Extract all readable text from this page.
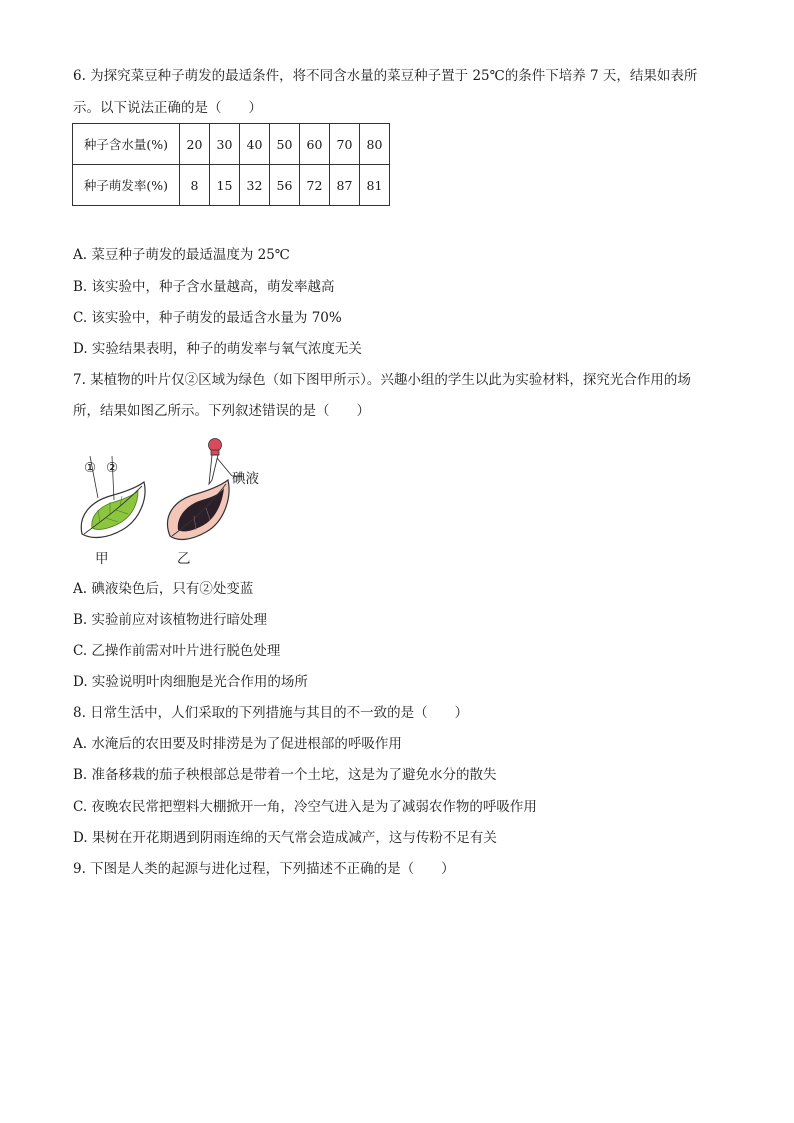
6. 为探究菜豆种子萌发的最适条件，将不同含水量的菜豆种子置于 25℃的条件下培养 7 天，结果如表所
示。以下说法正确的是（　　）
种子含水量(%)	20	30	40	50	60	70	80
种子萌发率(%)	8	15	32	56	72	87	81
A. 菜豆种子萌发的最适温度为 25℃
B. 该实验中，种子含水量越高，萌发率越高
C. 该实验中，种子萌发的最适含水量为 70%
D. 实验结果表明，种子的萌发率与氧气浓度无关
7. 某植物的叶片仅②区域为绿色（如下图甲所示）。兴趣小组的学生以此为实验材料，探究光合作用的场
所，结果如图乙所示。下列叙述错误的是（　　）
① ②
碘液
甲	乙
A. 碘液染色后，只有②处变蓝
B. 实验前应对该植物进行暗处理
C. 乙操作前需对叶片进行脱色处理
D. 实验说明叶肉细胞是光合作用的场所
8. 日常生活中，人们采取的下列措施与其目的不一致的是（　　）
A. 水淹后的农田要及时排涝是为了促进根部的呼吸作用
B. 准备移栽的茄子秧根部总是带着一个土坨，这是为了避免水分的散失
C. 夜晚农民常把塑料大棚掀开一角，冷空气进入是为了减弱农作物的呼吸作用
D. 果树在开花期遇到阴雨连绵的天气常会造成减产，这与传粉不足有关
9. 下图是人类的起源与进化过程，下列描述不正确的是（　　）
